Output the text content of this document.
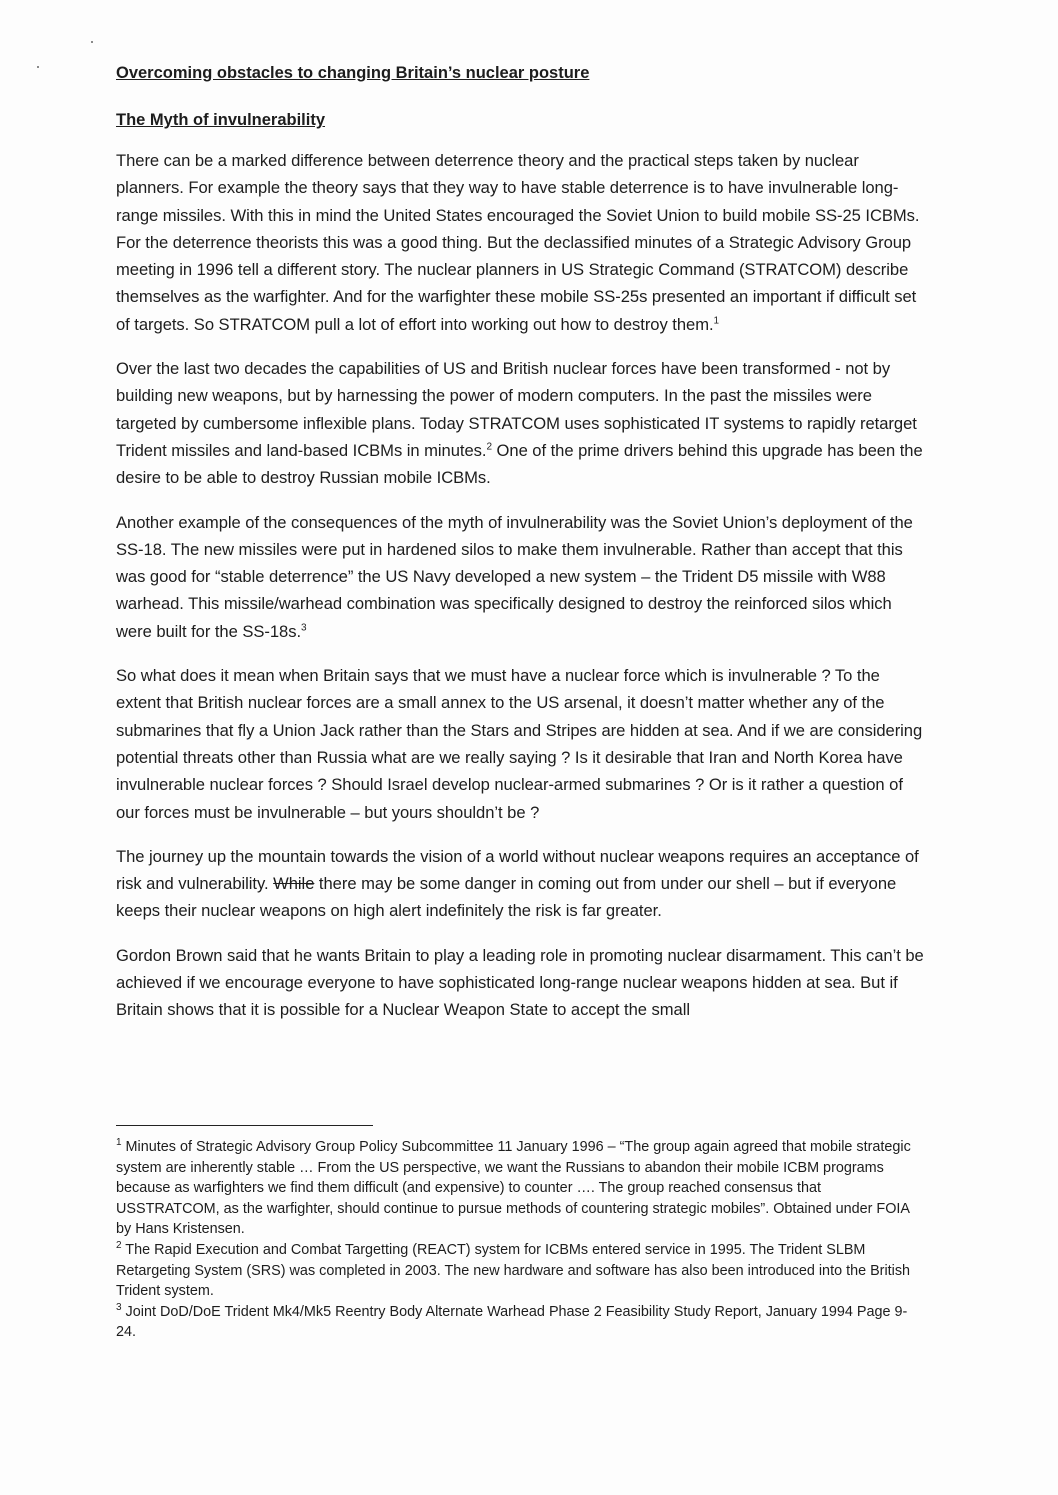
Overcoming obstacles to changing Britain’s nuclear posture

The Myth of invulnerability

There can be a marked difference between deterrence theory and the practical steps taken by nuclear planners. For example the theory says that they way to have stable deterrence is to have invulnerable long-range missiles. With this in mind the United States encouraged the Soviet Union to build mobile SS-25 ICBMs. For the deterrence theorists this was a good thing. But the declassified minutes of a Strategic Advisory Group meeting in 1996 tell a different story. The nuclear planners in US Strategic Command (STRATCOM) describe themselves as the warfighter. And for the warfighter these mobile SS-25s presented an important if difficult set of targets. So STRATCOM pull a lot of effort into working out how to destroy them.$^1$

Over the last two decades the capabilities of US and British nuclear forces have been transformed - not by building new weapons, but by harnessing the power of modern computers. In the past the missiles were targeted by cumbersome inflexible plans. Today STRATCOM uses sophisticated IT systems to rapidly retarget Trident missiles and land-based ICBMs in minutes.$^2$ One of the prime drivers behind this upgrade has been the desire to be able to destroy Russian mobile ICBMs.

Another example of the consequences of the myth of invulnerability was the Soviet Union’s deployment of the SS-18. The new missiles were put in hardened silos to make them invulnerable. Rather than accept that this was good for “stable deterrence” the US Navy developed a new system – the Trident D5 missile with W88 warhead. This missile/warhead combination was specifically designed to destroy the reinforced silos which were built for the SS-18s.$^3$

So what does it mean when Britain says that we must have a nuclear force which is invulnerable ? To the extent that British nuclear forces are a small annex to the US arsenal, it doesn’t matter whether any of the submarines that fly a Union Jack rather than the Stars and Stripes are hidden at sea. And if we are considering potential threats other than Russia what are we really saying ? Is it desirable that Iran and North Korea have invulnerable nuclear forces ? Should Israel develop nuclear-armed submarines ? Or is it rather a question of our forces must be invulnerable – but yours shouldn’t be ?

The journey up the mountain towards the vision of a world without nuclear weapons requires an acceptance of risk and vulnerability. While there may be some danger in coming out from under our shell – but if everyone keeps their nuclear weapons on high alert indefinitely the risk is far greater.

Gordon Brown said that he wants Britain to play a leading role in promoting nuclear disarmament. This can’t be achieved if we encourage everyone to have sophisticated long-range nuclear weapons hidden at sea. But if Britain shows that it is possible for a Nuclear Weapon State to accept the small

$^1$ Minutes of Strategic Advisory Group Policy Subcommittee 11 January 1996 – “The group again agreed that mobile strategic system are inherently stable … From the US perspective, we want the Russians to abandon their mobile ICBM programs because as warfighters we find them difficult (and expensive) to counter …. The group reached consensus that USSTRATCOM, as the warfighter, should continue to pursue methods of countering strategic mobiles”. Obtained under FOIA by Hans Kristensen.

$^2$ The Rapid Execution and Combat Targetting (REACT) system for ICBMs entered service in 1995. The Trident SLBM Retargeting System (SRS) was completed in 2003. The new hardware and software has also been introduced into the British Trident system.

$^3$ Joint DoD/DoE Trident Mk4/Mk5 Reentry Body Alternate Warhead Phase 2 Feasibility Study Report, January 1994 Page 9-24.
